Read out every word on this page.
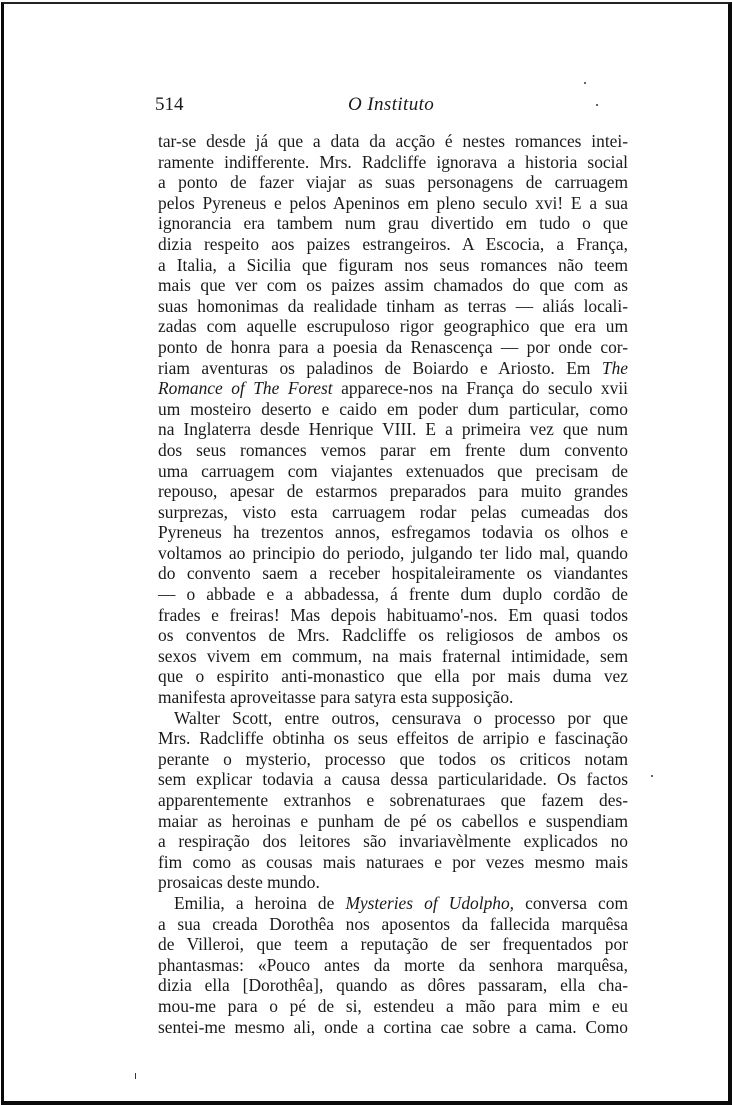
514	O Instituto
tar-se desde já que a data da acção é nestes romances intei-
ramente indifferente. Mrs. Radcliffe ignorava a historia social
a ponto de fazer viajar as suas personagens de carruagem
pelos Pyreneus e pelos Apeninos em pleno seculo xvi! E a sua
ignorancia era tambem num grau divertido em tudo o que
dizia respeito aos paizes estrangeiros. A Escocia, a França,
a Italia, a Sicilia que figuram nos seus romances não teem
mais que ver com os paizes assim chamados do que com as
suas homonimas da realidade tinham as terras — aliás locali-
zadas com aquelle escrupuloso rigor geographico que era um
ponto de honra para a poesia da Renascença — por onde cor-
riam aventuras os paladinos de Boiardo e Ariosto. Em The
Romance of The Forest apparece-nos na França do seculo xvii
um mosteiro deserto e caido em poder dum particular, como
na Inglaterra desde Henrique VIII. E a primeira vez que num
dos seus romances vemos parar em frente dum convento
uma carruagem com viajantes extenuados que precisam de
repouso, apesar de estarmos preparados para muito grandes
surprezas, visto esta carruagem rodar pelas cumeadas dos
Pyreneus ha trezentos annos, esfregamos todavia os olhos e
voltamos ao principio do periodo, julgando ter lido mal, quando
do convento saem a receber hospitaleiramente os viandantes
— o abbade e a abbadessa, á frente dum duplo cordão de
frades e freiras! Mas depois habituamo'-nos. Em quasi todos
os conventos de Mrs. Radcliffe os religiosos de ambos os
sexos vivem em commum, na mais fraternal intimidade, sem
que o espirito anti-monastico que ella por mais duma vez
manifesta aproveitasse para satyra esta supposição.
Walter Scott, entre outros, censurava o processo por que
Mrs. Radcliffe obtinha os seus effeitos de arripio e fascinação
perante o mysterio, processo que todos os criticos notam
sem explicar todavia a causa dessa particularidade. Os factos
apparentemente extranhos e sobrenaturaes que fazem des-
maiar as heroinas e punham de pé os cabellos e suspendiam
a respiração dos leitores são invariavèlmente explicados no
fim como as cousas mais naturaes e por vezes mesmo mais
prosaicas deste mundo.
Emilia, a heroina de Mysteries of Udolpho, conversa com
a sua creada Dorothêa nos aposentos da fallecida marquêsa
de Villeroi, que teem a reputação de ser frequentados por
phantasmas: «Pouco antes da morte da senhora marquêsa,
dizia ella [Dorothêa], quando as dôres passaram, ella cha-
mou-me para o pé de si, estendeu a mão para mim e eu
sentei-me mesmo ali, onde a cortina cae sobre a cama. Como
